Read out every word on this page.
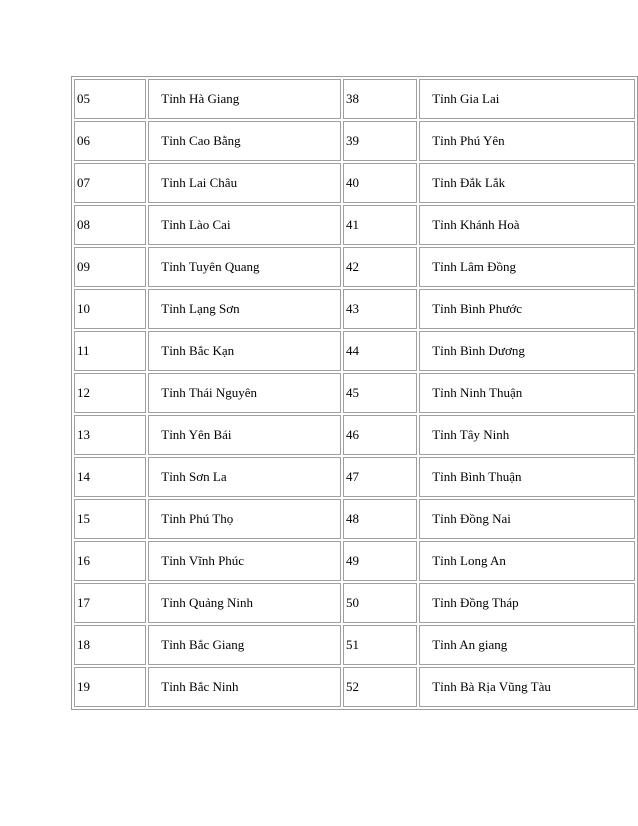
05	Tỉnh Hà Giang	38	Tỉnh Gia Lai
06	Tỉnh Cao Bằng	39	Tỉnh Phú Yên
07	Tỉnh Lai Châu	40	Tỉnh Đắk Lắk
08	Tỉnh Lào Cai	41	Tỉnh Khánh Hoà
09	Tỉnh Tuyên Quang	42	Tỉnh Lâm Đồng
10	Tỉnh Lạng Sơn	43	Tỉnh Bình Phước
11	Tỉnh Bắc Kạn	44	Tỉnh Bình Dương
12	Tỉnh Thái Nguyên	45	Tỉnh Ninh Thuận
13	Tỉnh Yên Bái	46	Tỉnh Tây Ninh
14	Tỉnh Sơn La	47	Tỉnh Bình Thuận
15	Tỉnh Phú Thọ	48	Tỉnh Đồng Nai
16	Tỉnh Vĩnh Phúc	49	Tỉnh Long An
17	Tỉnh Quảng Ninh	50	Tỉnh Đồng Tháp
18	Tỉnh Bắc Giang	51	Tỉnh An giang
19	Tỉnh Bắc Ninh	52	Tỉnh Bà Rịa Vũng Tàu
